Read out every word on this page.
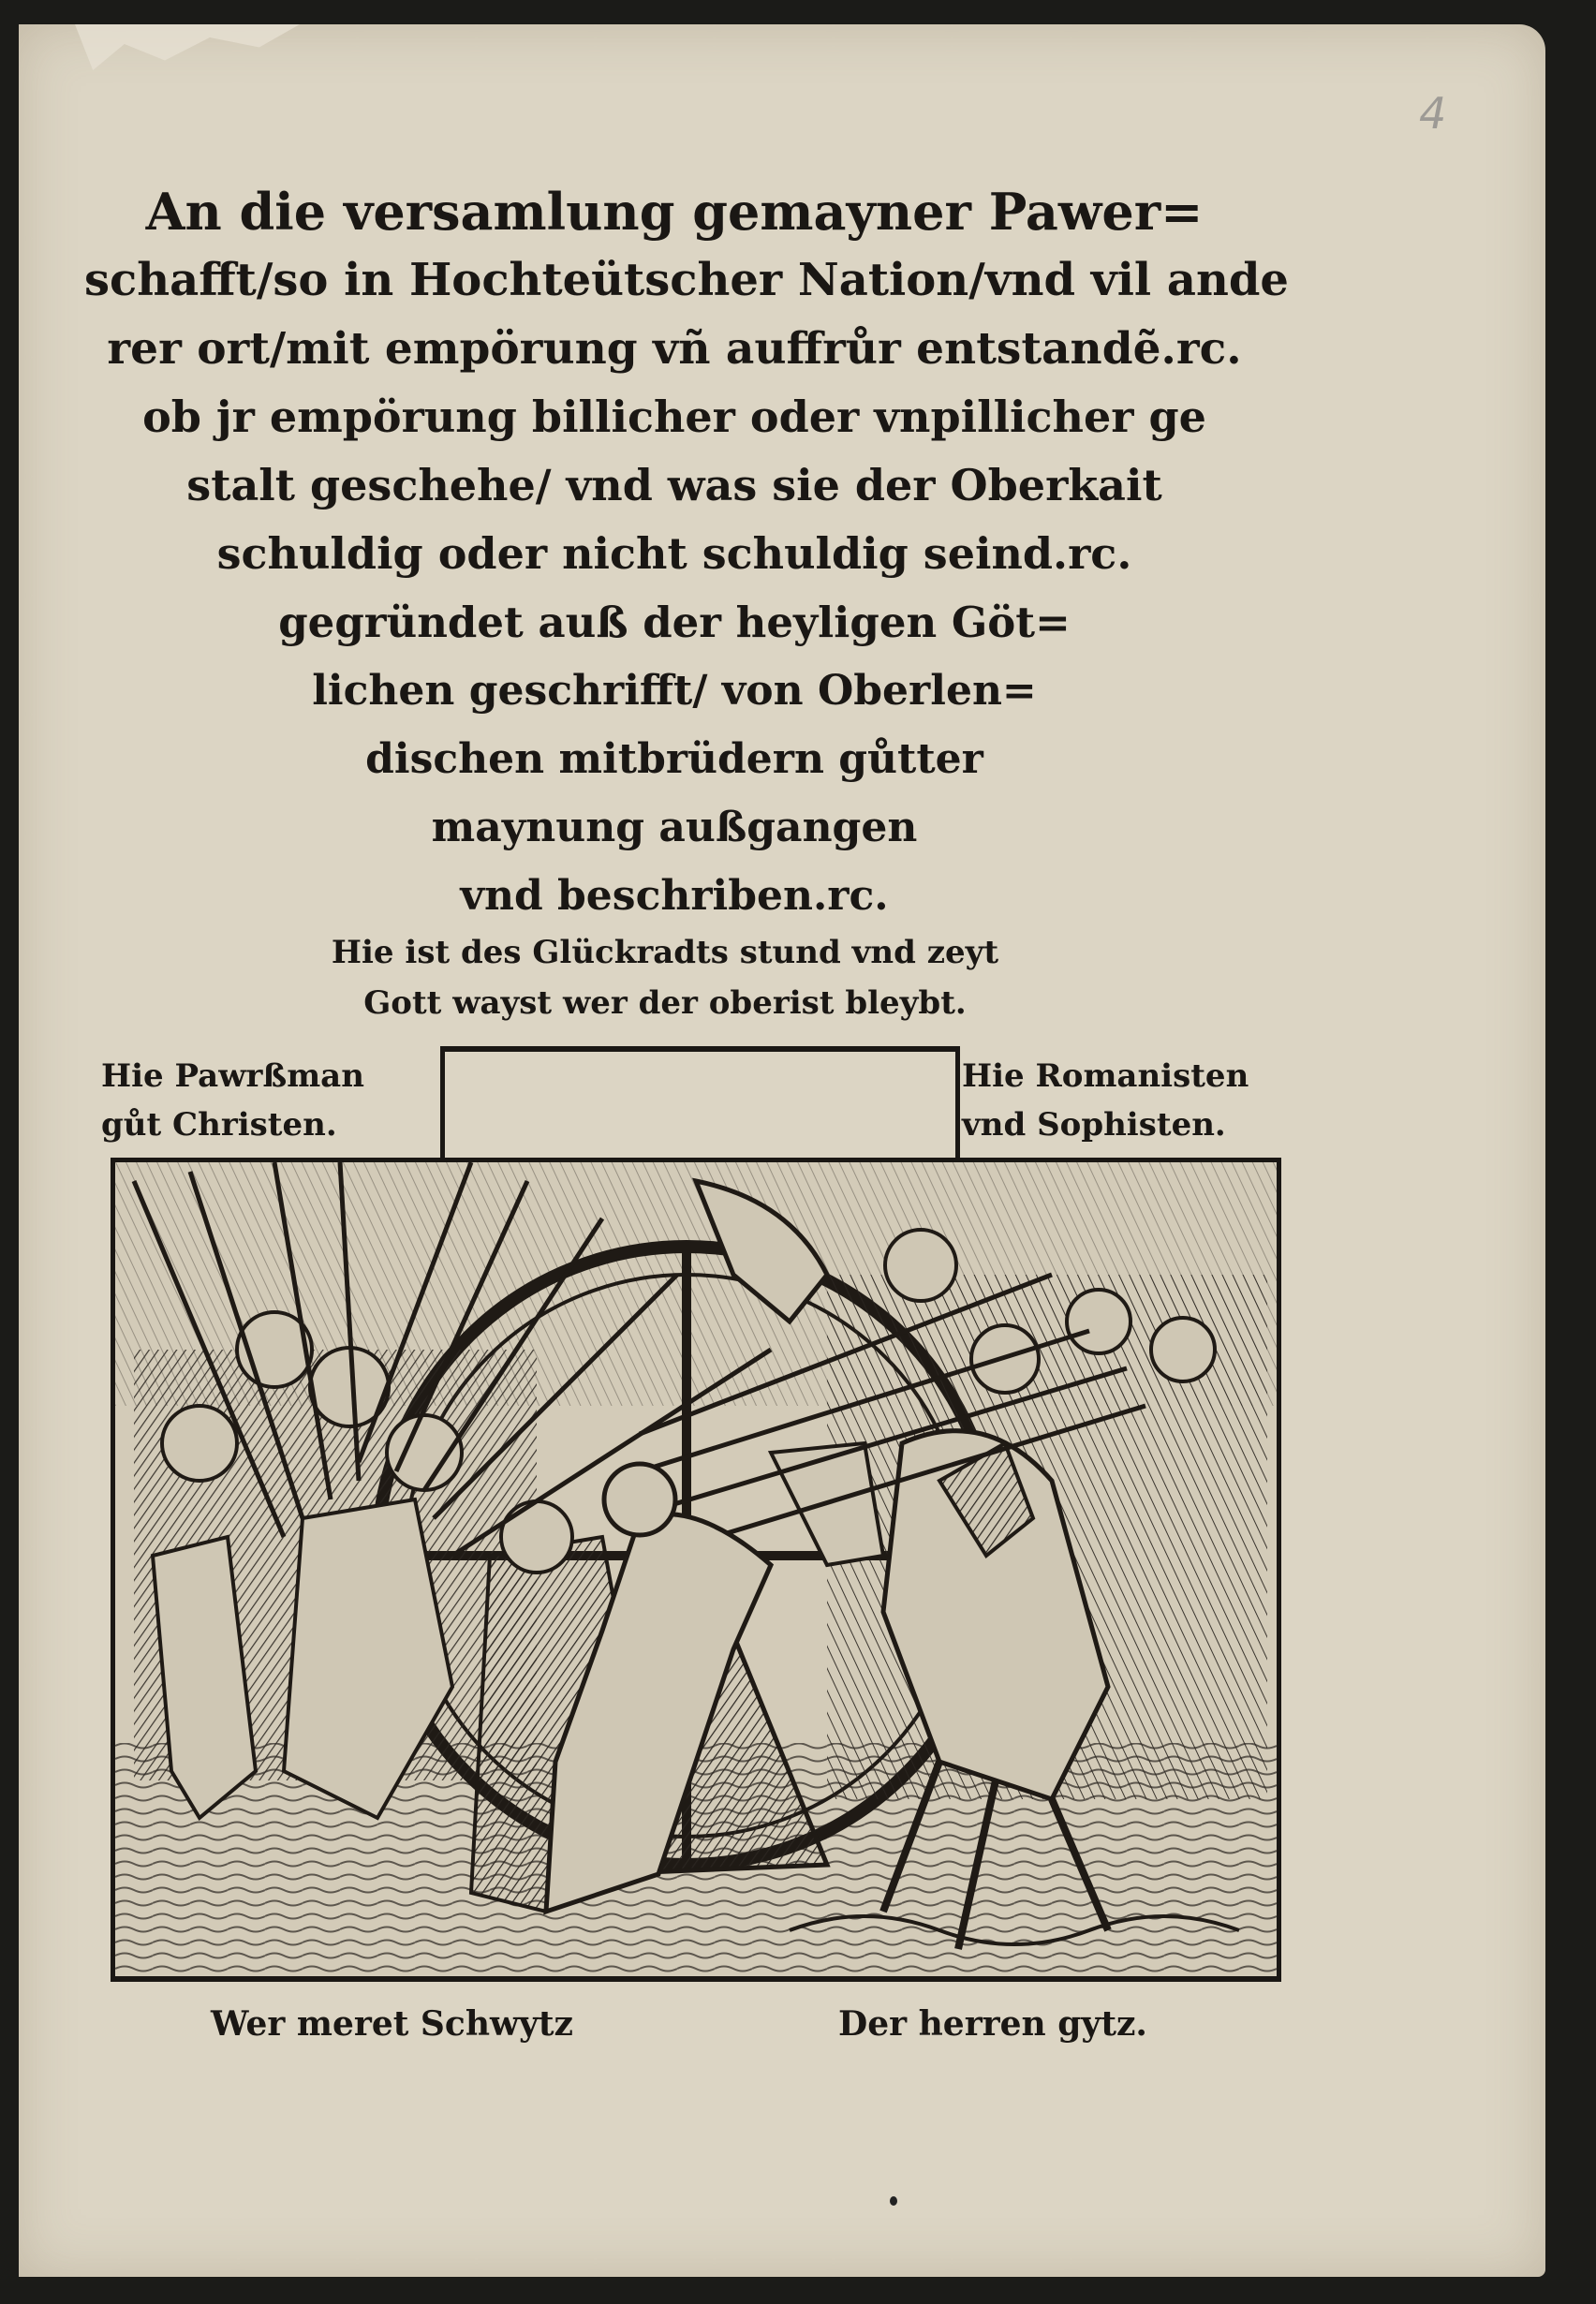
4
An die versamlung gemayner Pawer=
schafft/so in Hochteütscher Nation/vnd vil ande
rer ort/mit empörung vñ auffrůr entstandẽ.rc.
ob jr empörung billicher oder vnpillicher ge
stalt geschehe/ vnd was sie der Oberkait
schuldig oder nicht schuldig seind.rc.
gegründet auß der heyligen Göt=
lichen geschrifft/ von Oberlen=
dischen mitbrüdern gůtter
maynung außgangen
vnd beschriben.rc.
Hie ist des Glückradts stund vnd zeyt
Gott wayst wer der oberist bleybt.
Hie Pawrßman
gůt Christen.
Hie Romanisten
vnd Sophisten.
Wer meret Schwytz	Der herren gytz.
